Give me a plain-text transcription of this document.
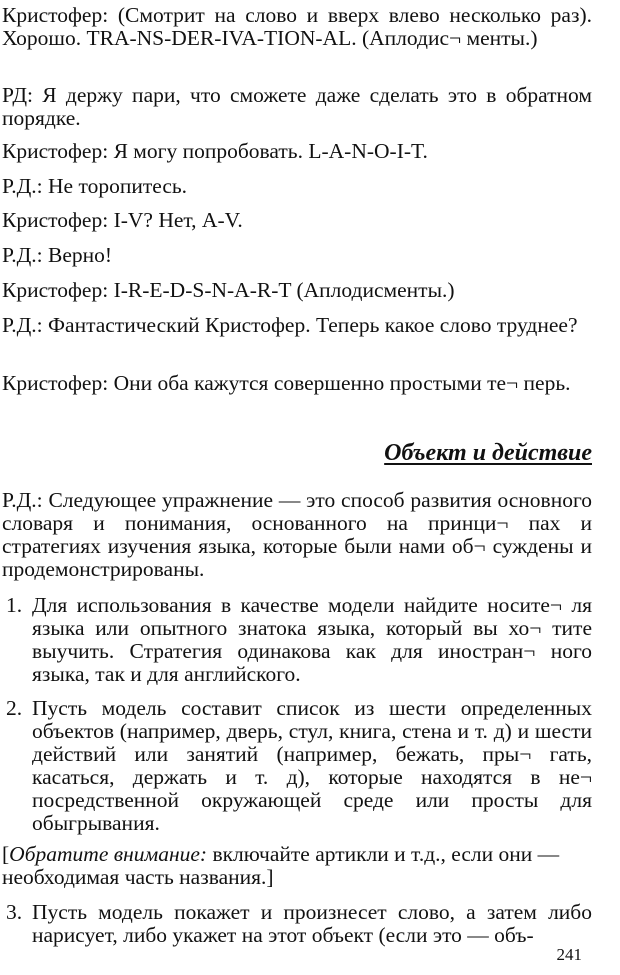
Кристофер: (Смотрит на слово и вверх влево несколько раз). Хорошо. TRA-NS-DER-IVA-TION-AL. (Аплодис¬ менты.)

РД: Я держу пари, что сможете даже сделать это в обратном порядке.

Кристофер: Я могу попробовать. L-A-N-O-I-T.

Р.Д.: Не торопитесь.

Кристофер: I-V? Нет, A-V.

Р.Д.: Верно!

Кристофер: I-R-E-D-S-N-A-R-T (Аплодисменты.)

Р.Д.: Фантастический Кристофер. Теперь какое слово труднее?

Кристофер: Они оба кажутся совершенно простыми те¬ перь.

Объект и действие

Р.Д.: Следующее упражнение — это способ развития основного словаря и понимания, основанного на принци¬ пах и стратегиях изучения языка, которые были нами об¬ суждены и продемонстрированы.

1. Для использования в качестве модели найдите носите¬ ля языка или опытного знатока языка, который вы хо¬ тите выучить. Стратегия одинакова как для иностран¬ ного языка, так и для английского.
2. Пусть модель составит список из шести определенных объектов (например, дверь, стул, книга, стена и т. д) и шести действий или занятий (например, бежать, пры¬ гать, касаться, держать и т. д), которые находятся в не¬ посредственной окружающей среде или просты для обыгрывания.

[Обратите внимание: включайте артикли и т.д., если они — необходимая часть названия.]

3. Пусть модель покажет и произнесет слово, а затем либо нарисует, либо укажет на этот объект (если это — объ-
241
